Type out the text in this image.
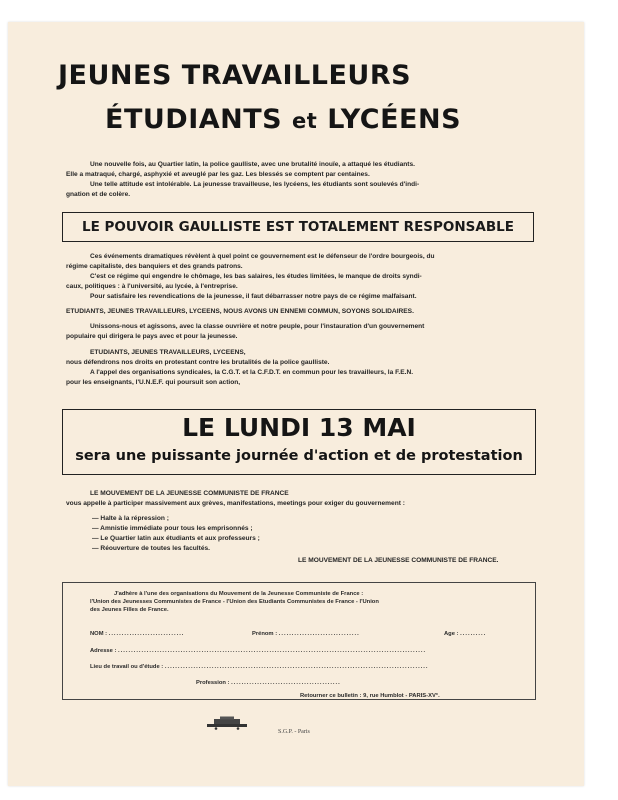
JEUNES TRAVAILLEURS
ÉTUDIANTS et LYCÉENS
Une nouvelle fois, au Quartier latin, la police gaulliste, avec une brutalité inouïe, a attaqué les étudiants.
Elle a matraqué, chargé, asphyxié et aveuglé par les gaz. Les blessés se comptent par centaines.
Une telle attitude est intolérable. La jeunesse travailleuse, les lycéens, les étudiants sont soulevés d'indi-
gnation et de colère.
LE POUVOIR GAULLISTE EST TOTALEMENT RESPONSABLE
Ces événements dramatiques révèlent à quel point ce gouvernement est le défenseur de l'ordre bourgeois, du
régime capitaliste, des banquiers et des grands patrons.
C'est ce régime qui engendre le chômage, les bas salaires, les études limitées, le manque de droits syndi-
caux, politiques : à l'université, au lycée, à l'entreprise.
Pour satisfaire les revendications de la jeunesse, il faut débarrasser notre pays de ce régime malfaisant.
ETUDIANTS, JEUNES TRAVAILLEURS, LYCEENS, NOUS AVONS UN ENNEMI COMMUN, SOYONS SOLIDAIRES.
Unissons-nous et agissons, avec la classe ouvrière et notre peuple, pour l'instauration d'un gouvernement
populaire qui dirigera le pays avec et pour la jeunesse.
ETUDIANTS, JEUNES TRAVAILLEURS, LYCEENS,
nous défendrons nos droits en protestant contre les brutalités de la police gaulliste.
A l'appel des organisations syndicales, la C.G.T. et la C.F.D.T. en commun pour les travailleurs, la F.E.N.
pour les enseignants, l'U.N.E.F. qui poursuit son action,
LE LUNDI 13 MAI
sera une puissante journée d'action et de protestation
LE MOUVEMENT DE LA JEUNESSE COMMUNISTE DE FRANCE
vous appelle à participer massivement aux grèves, manifestations, meetings pour exiger du gouvernement :
— Halte à la répression ;
— Amnistie immédiate pour tous les emprisonnés ;
— Le Quartier latin aux étudiants et aux professeurs ;
— Réouverture de toutes les facultés.
LE MOUVEMENT DE LA JEUNESSE COMMUNISTE DE FRANCE.
J'adhère à l'une des organisations du Mouvement de la Jeunesse Communiste de France :
l'Union des Jeunesses Communistes de France - l'Union des Etudiants Communistes de France - l'Union
des Jeunes Filles de France.
NOM : .............................	Prénom : ...............................	Age : ..........
Adresse : ......................................................................................................................
Lieu de travail ou d'étude : .....................................................................................................
Profession : ..........................................
Retourner ce bulletin : 9, rue Humblot - PARIS-XV°.
S.G.P. - Paris
